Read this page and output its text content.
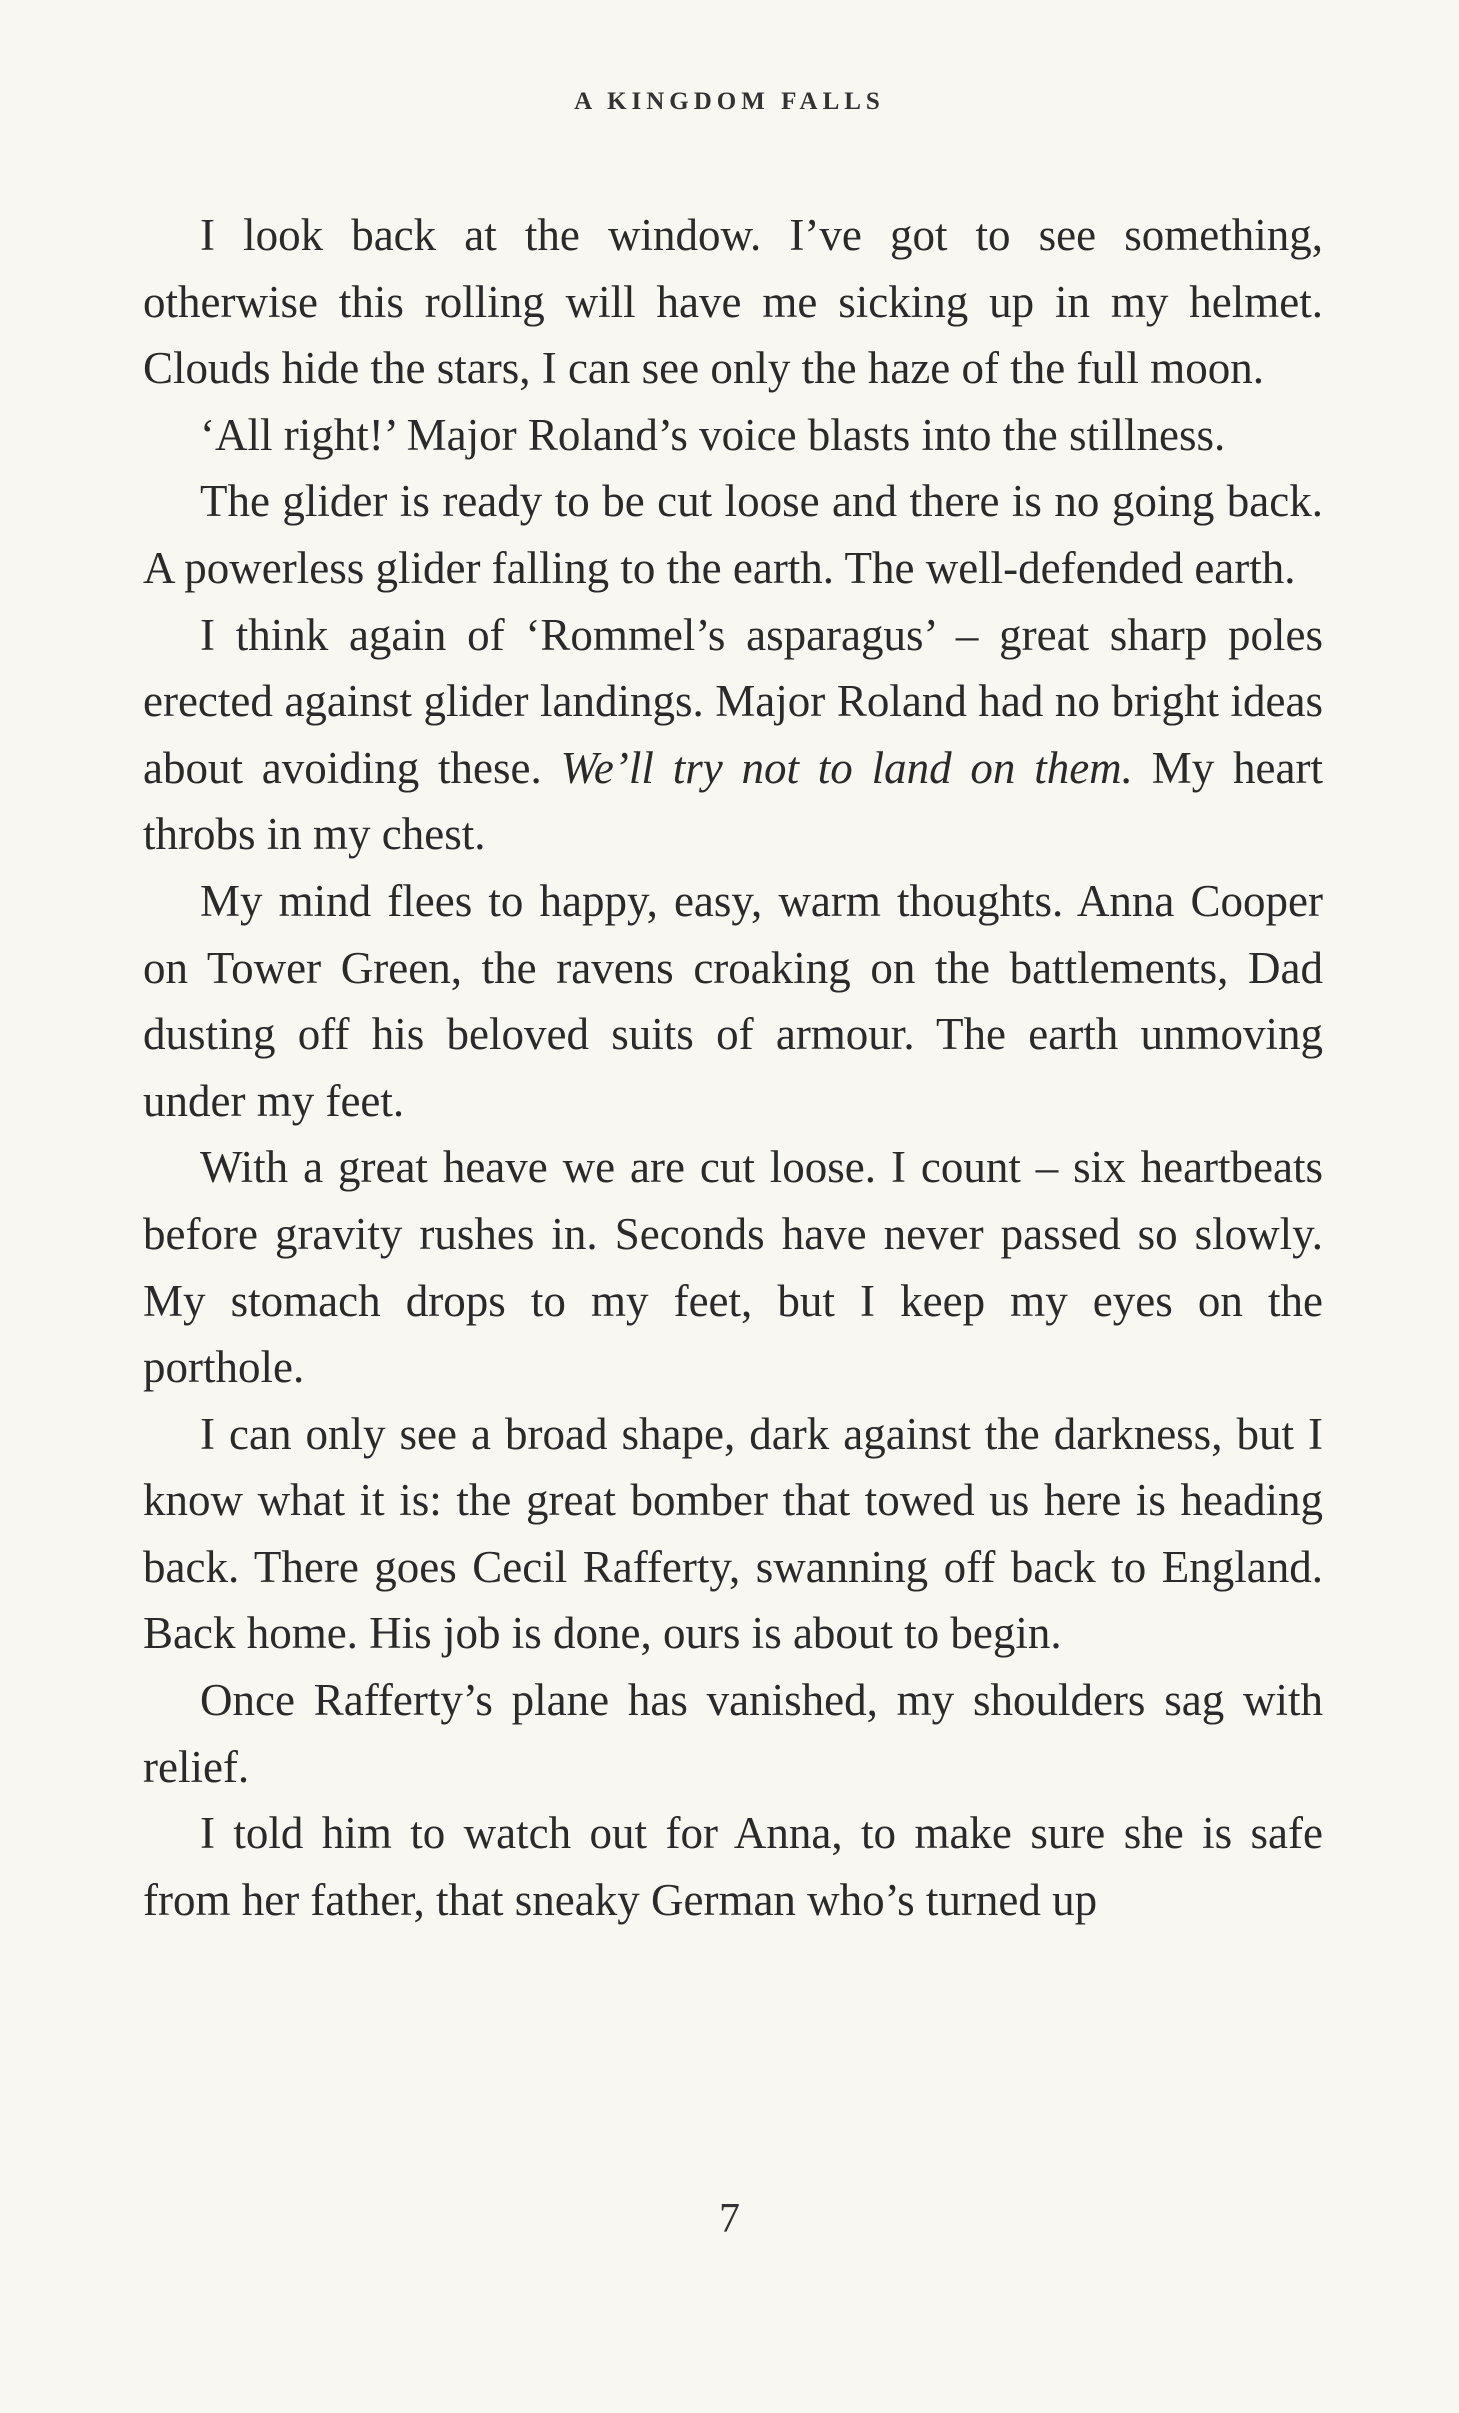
A KINGDOM FALLS

I look back at the window. I’ve got to see something, otherwise this rolling will have me sicking up in my helmet. Clouds hide the stars, I can see only the haze of the full moon.

‘All right!’ Major Roland’s voice blasts into the stillness.

The glider is ready to be cut loose and there is no going back. A powerless glider falling to the earth. The well-defended earth.

I think again of ‘Rommel’s asparagus’ – great sharp poles erected against glider landings. Major Roland had no bright ideas about avoiding these. We’ll try not to land on them. My heart throbs in my chest.

My mind flees to happy, easy, warm thoughts. Anna Cooper on Tower Green, the ravens croaking on the battlements, Dad dusting off his beloved suits of armour. The earth unmoving under my feet.

With a great heave we are cut loose. I count – six heartbeats before gravity rushes in. Seconds have never passed so slowly. My stomach drops to my feet, but I keep my eyes on the porthole.

I can only see a broad shape, dark against the darkness, but I know what it is: the great bomber that towed us here is heading back. There goes Cecil Rafferty, swanning off back to England. Back home. His job is done, ours is about to begin.

Once Rafferty’s plane has vanished, my shoulders sag with relief.

I told him to watch out for Anna, to make sure she is safe from her father, that sneaky German who’s turned up

7
